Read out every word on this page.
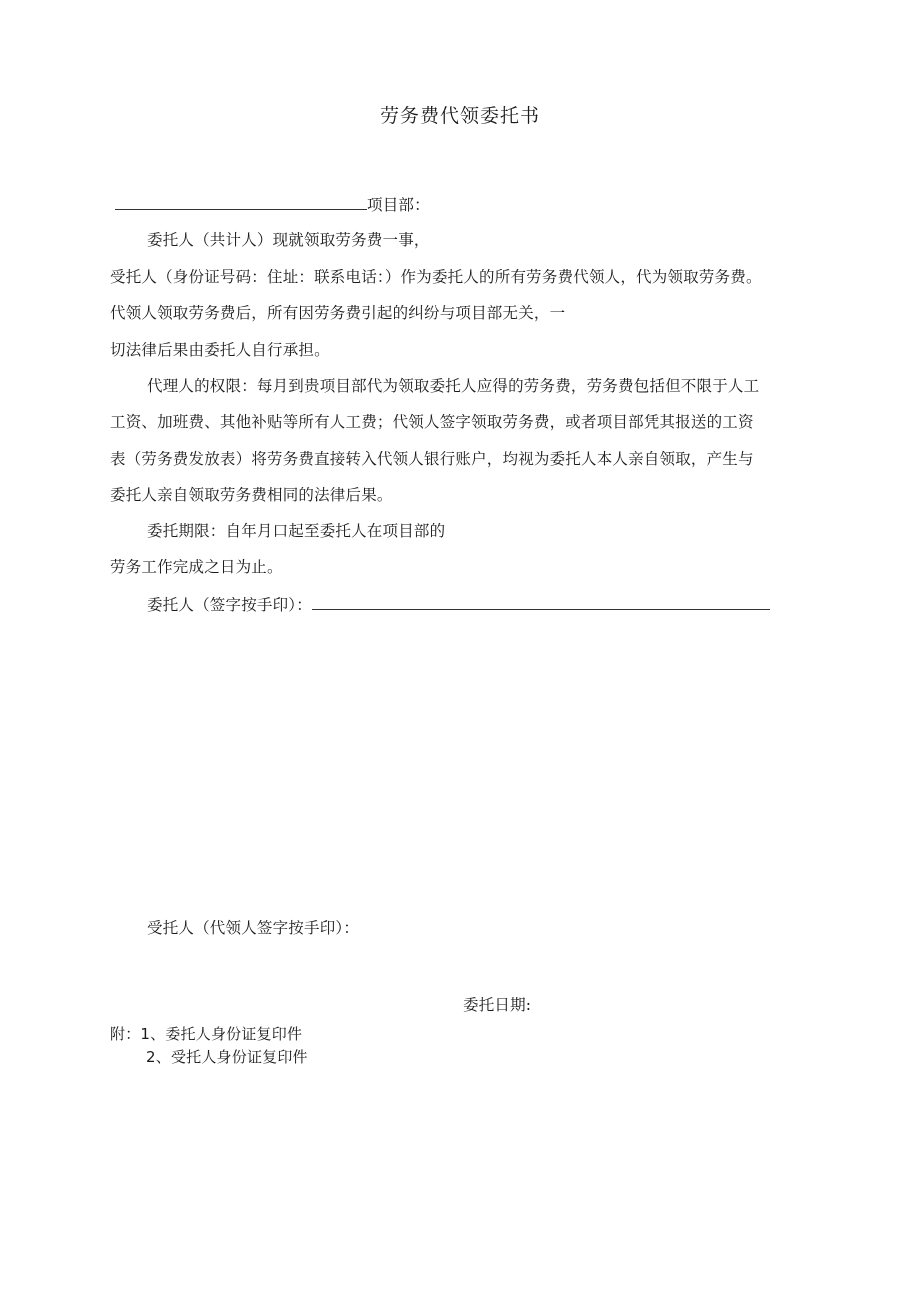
劳务费代领委托书
项目部：
委托人（共计人）现就领取劳务费一事，
受托人（身份证号码：住址：联系电话：）作为委托人的所有劳务费代领人，代为领取劳务费。
代领人领取劳务费后，所有因劳务费引起的纠纷与项目部无关，一
切法律后果由委托人自行承担。
代理人的权限：每月到贵项目部代为领取委托人应得的劳务费，劳务费包括但不限于人工
工资、加班费、其他补贴等所有人工费；代领人签字领取劳务费，或者项目部凭其报送的工资
表（劳务费发放表）将劳务费直接转入代领人银行账户，均视为委托人本人亲自领取，产生与
委托人亲自领取劳务费相同的法律后果。
委托期限：自年月口起至委托人在项目部的
劳务工作完成之日为止。
委托人（签字按手印）：
受托人（代领人签字按手印）：
委托日期:
附：1、委托人身份证复印件
2、受托人身份证复印件
